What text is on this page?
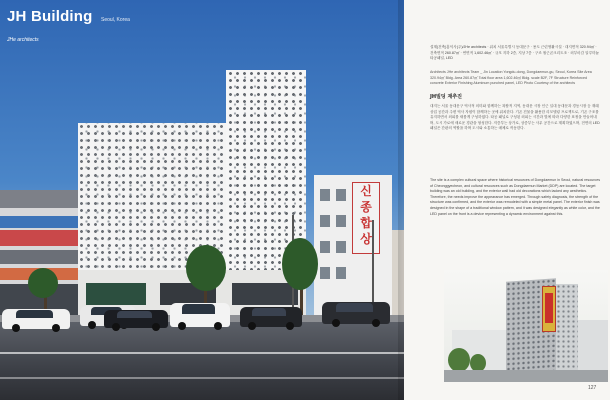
신
종
합
상
JH Building Seoul, Korea
JHe architects
설계(건축)홍익사(주)/JHe architects · 위치 서울특별시 동대문구 · 용도 근린생활시설 · 대지면적 320.94㎡ · 건축면적 260.87㎡ · 연면적 1,602.46㎡ · 규모 지하 2층, 지상 7층 · 구조 철근콘크리트조 · 외부마감 알루미늄 타공패널, LED
Architects JHe architects Team _ Jin Location Yongdu-dong, Dongdaemun-gu, Seoul, Korea Site Area 320.94㎡ Bldg. Area 260.87㎡ Total floor area 1,602.46㎡ Bldg. scale B2F, 7F Structure Reinforced concrete Exterior Finishing Aluminum punched panel, LED Photo Courtesy of the architects
JH빌딩 재추진
대지는 서울 동대문구 역사적 의미와 함께하는 복합적 지역, 동대문 시장 인근 일대 동대문과 경동시장 등 재래 상업 공간과 주변 역사 자원이 함께하는 곳에 위치한다. 기존 건물을 활용한 리모델링 프로젝트로, 기존 구조를 유지하면서 외피를 새롭게 구성하였다. 타공 패널로 구성된 외피는 시간과 빛에 따라 다양한 표정을 만들어내며, 도시 가로에 새로운 경관을 형성한다. 저층부는 상가로, 상층부는 사무 공간으로 계획하였으며, 전면의 LED 패널은 간판의 역할을 하며 도시와 소통하는 매체로 작동한다.
The site is a complex cultural space where historical resources of Dongdaemun in Seoul, natural resources of Cheonggyecheon, and cultural resources such as Dongdaemun Market (DDP) are located. The target building was an old building, and the exterior wall had old decorations which lacked any aesthetics. Therefore, the needs improve the appearance has emerged. Through safety diagnosis, the strength of the structure was confirmed, and the exterior was remodeled with a simple metal panel. The exterior finish was designed in the shape of a traditional window pattern, and it was designed elegantly as white color, and the LED panel on the front is a device representing a dynamic environment against this.
127
